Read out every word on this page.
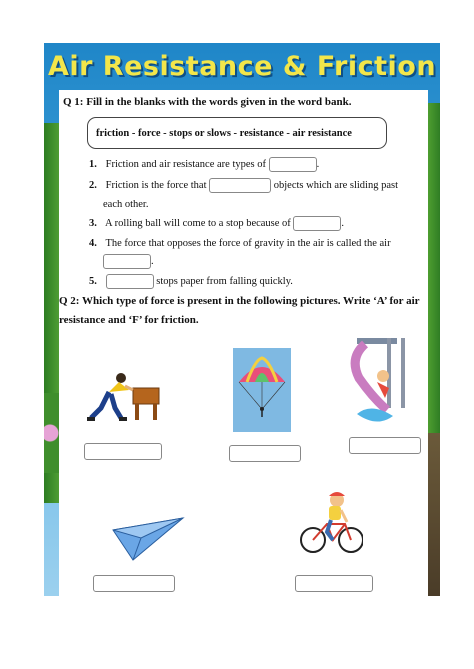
Air Resistance & Friction
Q 1: Fill in the blanks with the words given in the word bank.
friction - force - stops or slows - resistance - air resistance
1. Friction and air resistance are types of	.
2. Friction is the force that	objects which are sliding past
each other.
3. A rolling ball will come to a stop because of	.
4. The force that opposes the force of gravity in the air is called the air
.
5.	stops paper from falling quickly.
Q 2: Which type of force is present in the following pictures. Write ‘A’ for air resistance and ‘F’ for friction.
